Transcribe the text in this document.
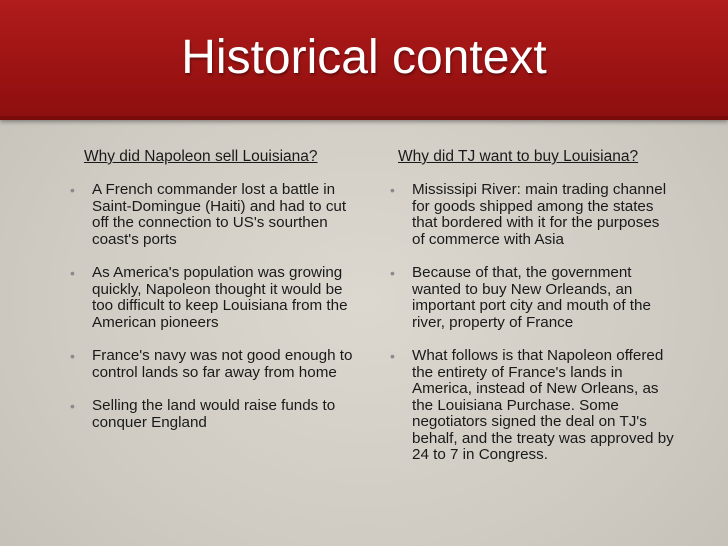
Historical context
Why did Napoleon sell Louisiana?
• A French commander lost a battle in Saint-Domingue (Haiti) and had to cut off the connection to US's sourthen coast's ports
• As America's population was growing quickly, Napoleon thought it would be too difficult to keep Louisiana from the American pioneers
• France's navy was not good enough to control lands so far away from home
• Selling the land would raise funds to conquer England
Why did TJ want to buy Louisiana?
• Mississipi River: main trading channel for goods shipped among the states that bordered with it for the purposes of commerce with Asia
• Because of that, the government wanted to buy New Orleands, an important port city and mouth of the river, property of France
• What follows is that Napoleon offered the entirety of France's lands in America, instead of New Orleans, as the Louisiana Purchase. Some negotiators signed the deal on TJ's behalf, and the treaty was approved by 24 to 7 in Congress.
